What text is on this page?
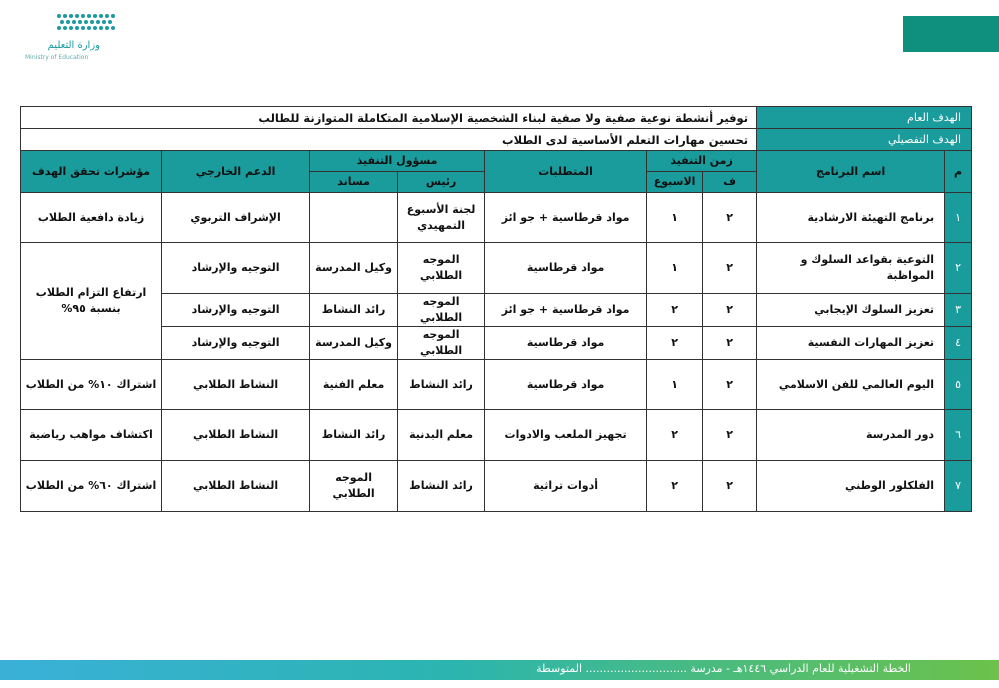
وزارة التعليم
Ministry of Education
الهدف العام		توفير أنشطة نوعية صفية ولا صفية لبناء الشخصية الإسلامية المتكاملة المتوازنة للطالب						
الهدف التفصيلي		تحسين مهارات التعلم الأساسية لدى الطلاب						
م	اسم البرنامج	زمن التنفيذ		المتطلبات	مسؤول التنفيذ		الدعم الخارجي	مؤشرات تحقق الهدف
		ف	الاسبوع		رئيس	مساند		
١	برنامج التهيئة الارشادية	٢	١	مواد قرطاسية + جو ائز	لجنة الأسبوع التمهيدي		الإشراف التربوي	زيادة دافعية الطلاب
٢	التوعية بقواعد السلوك و المواظبة	٢	١	مواد قرطاسية	الموجه الطلابي	وكيل المدرسة	التوجيه والإرشاد	ارتفاع التزام الطلاب بنسبة ٩٥%
٣	تعزيز السلوك الإيجابي	٢	٢	مواد قرطاسية + جو ائز	الموجه الطلابي	رائد النشاط	التوجيه والإرشاد	
٤	تعزيز المهارات النفسية	٢	٢	مواد قرطاسية	الموجه الطلابي	وكيل المدرسة	التوجيه والإرشاد	
٥	اليوم العالمي للفن الاسلامي	٢	١	مواد قرطاسية	رائد النشاط	معلم الفنية	النشاط الطلابي	اشتراك ١٠% من الطلاب
٦	دور المدرسة	٢	٢	تجهيز الملعب والادوات	معلم البدنية	رائد النشاط	النشاط الطلابي	اكتشاف مواهب رياضية
٧	الفلكلور الوطني	٢	٢	أدوات تراثية	رائد النشاط	الموجه الطلابي	النشاط الطلابي	اشتراك ٦٠% من الطلاب
الخطة التشغيلية للعام الدراسي ١٤٤٦هـ - مدرسة ............................. المتوسطة
